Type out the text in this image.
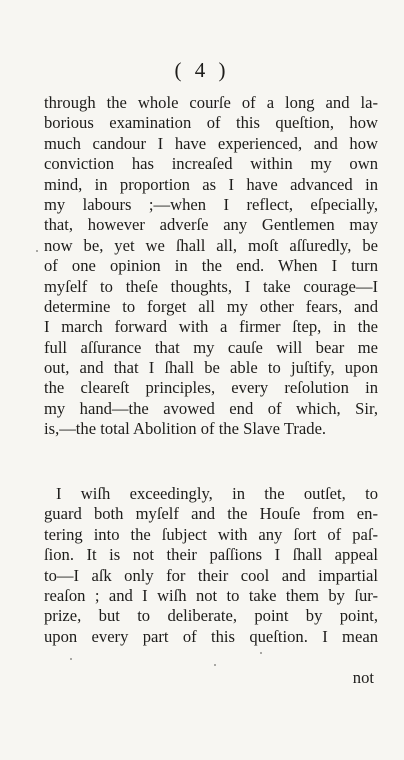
( 4 )
through the whole courſe of a long and la-
borious examination of this queſtion, how
much candour I have experienced, and how
conviction has increaſed within my own
mind, in proportion as I have advanced in
my labours ;—when I reflect, eſpecially,
that, however adverſe any Gentlemen may
now be, yet we ſhall all, moſt aſſuredly, be
of one opinion in the end. When I turn
myſelf to theſe thoughts, I take courage—I
determine to forget all my other fears, and
I march forward with a firmer ſtep, in the
full aſſurance that my cauſe will bear me
out, and that I ſhall be able to juſtify, upon
the cleareſt principles, every reſolution in
my hand—the avowed end of which, Sir,
is,—the total Abolition of the Slave Trade.
I wiſh exceedingly, in the outſet, to
guard both myſelf and the Houſe from en-
tering into the ſubject with any ſort of paſ-
ſion. It is not their paſſions I ſhall appeal
to—I aſk only for their cool and impartial
reaſon ; and I wiſh not to take them by ſur-
prize, but to deliberate, point by point,
upon every part of this queſtion. I mean
not
